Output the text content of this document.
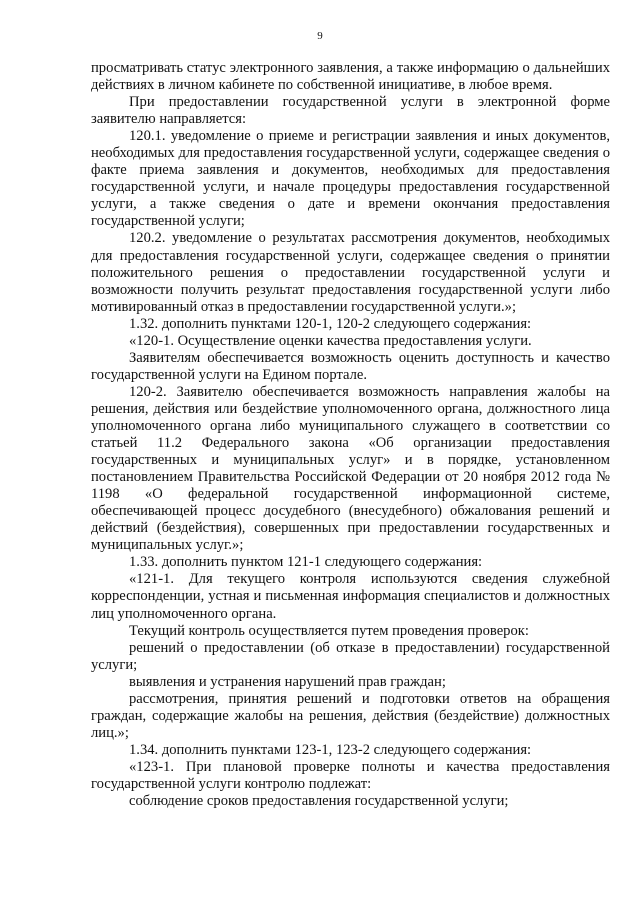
9

просматривать статус электронного заявления, а также информацию о дальнейших действиях в личном кабинете по собственной инициативе, в любое время.

При предоставлении государственной услуги в электронной форме заявителю направляется:

120.1. уведомление о приеме и регистрации заявления и иных документов, необходимых для предоставления государственной услуги, содержащее сведения о факте приема заявления и документов, необходимых для предоставления государственной услуги, и начале процедуры предоставления государственной услуги, а также сведения о дате и времени окончания предоставления государственной услуги;

120.2. уведомление о результатах рассмотрения документов, необходимых для предоставления государственной услуги, содержащее сведения о принятии положительного решения о предоставлении государственной услуги и возможности получить результат предоставления государственной услуги либо мотивированный отказ в предоставлении государственной услуги.»;

1.32. дополнить пунктами 120-1, 120-2 следующего содержания:

«120-1. Осуществление оценки качества предоставления услуги.

Заявителям обеспечивается возможность оценить доступность и качество государственной услуги на Едином портале.

120-2. Заявителю обеспечивается возможность направления жалобы на решения, действия или бездействие уполномоченного органа, должностного лица уполномоченного органа либо муниципального служащего в соответствии со статьей 11.2 Федерального закона «Об организации предоставления государственных и муниципальных услуг» и в порядке, установленном постановлением Правительства Российской Федерации от 20 ноября 2012 года № 1198 «О федеральной государственной информационной системе, обеспечивающей процесс досудебного (внесудебного) обжалования решений и действий (бездействия), совершенных при предоставлении государственных и муниципальных услуг.»;

1.33. дополнить пунктом 121-1 следующего содержания:

«121-1. Для текущего контроля используются сведения служебной корреспонденции, устная и письменная информация специалистов и должностных лиц уполномоченного органа.

Текущий контроль осуществляется путем проведения проверок:

решений о предоставлении (об отказе в предоставлении) государственной услуги;

выявления и устранения нарушений прав граждан;

рассмотрения, принятия решений и подготовки ответов на обращения граждан, содержащие жалобы на решения, действия (бездействие) должностных лиц.»;

1.34. дополнить пунктами 123-1, 123-2 следующего содержания:

«123-1. При плановой проверке полноты и качества предоставления государственной услуги контролю подлежат:

соблюдение сроков предоставления государственной услуги;
